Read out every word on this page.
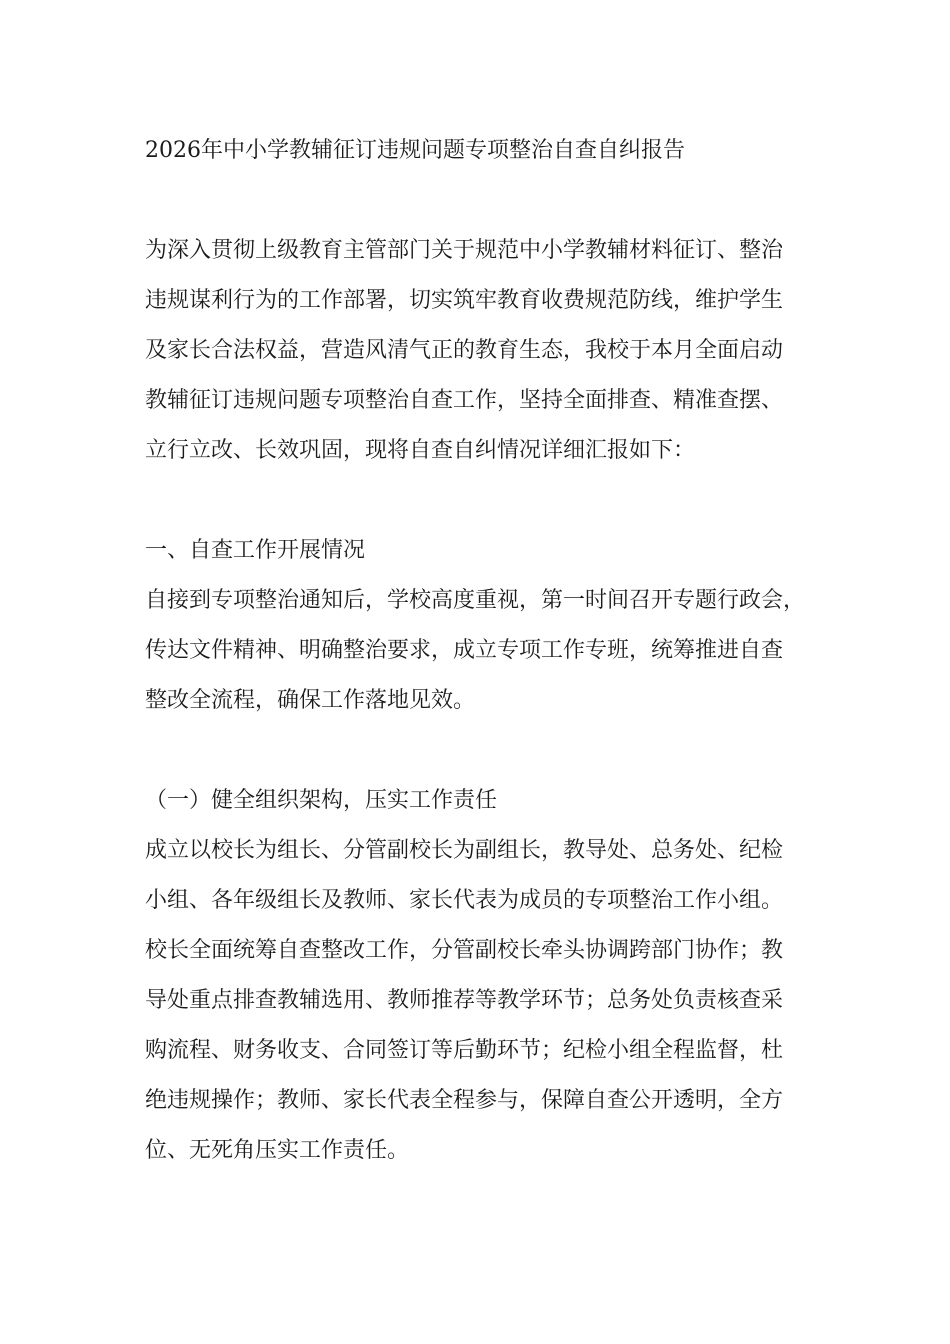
2026年中小学教辅征订违规问题专项整治自查自纠报告
为深入贯彻上级教育主管部门关于规范中小学教辅材料征订、整治
违规谋利行为的工作部署，切实筑牢教育收费规范防线，维护学生
及家长合法权益，营造风清气正的教育生态，我校于本月全面启动
教辅征订违规问题专项整治自查工作，坚持全面排查、精准查摆、
立行立改、长效巩固，现将自查自纠情况详细汇报如下：
一、自查工作开展情况
自接到专项整治通知后，学校高度重视，第一时间召开专题行政会，
传达文件精神、明确整治要求，成立专项工作专班，统筹推进自查
整改全流程，确保工作落地见效。
（一）健全组织架构，压实工作责任
成立以校长为组长、分管副校长为副组长，教导处、总务处、纪检
小组、各年级组长及教师、家长代表为成员的专项整治工作小组。
校长全面统筹自查整改工作，分管副校长牵头协调跨部门协作；教
导处重点排查教辅选用、教师推荐等教学环节；总务处负责核查采
购流程、财务收支、合同签订等后勤环节；纪检小组全程监督，杜
绝违规操作；教师、家长代表全程参与，保障自查公开透明，全方
位、无死角压实工作责任。
